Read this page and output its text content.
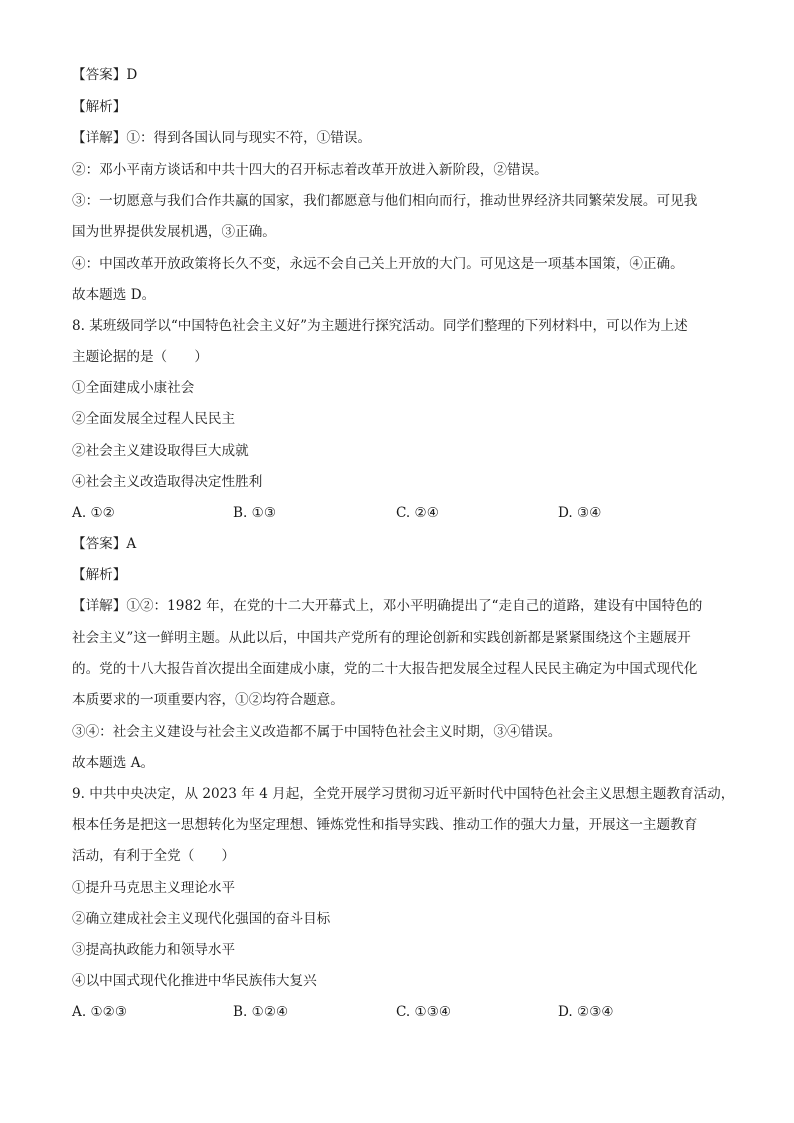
【答案】D
【解析】
【详解】①：得到各国认同与现实不符，①错误。
②：邓小平南方谈话和中共十四大的召开标志着改革开放进入新阶段，②错误。
③：一切愿意与我们合作共赢的国家，我们都愿意与他们相向而行，推动世界经济共同繁荣发展。可见我
国为世界提供发展机遇，③正确。
④：中国改革开放政策将长久不变，永远不会自己关上开放的大门。可见这是一项基本国策，④正确。
故本题选 D。
8. 某班级同学以“中国特色社会主义好”为主题进行探究活动。同学们整理的下列材料中，可以作为上述
主题论据的是（　　）
①全面建成小康社会
②全面发展全过程人民民主
②社会主义建设取得巨大成就
④社会主义改造取得决定性胜利
A. ①②	B. ①③	C. ②④	D. ③④
【答案】A
【解析】
【详解】①②：1982 年，在党的十二大开幕式上，邓小平明确提出了“走自己的道路，建设有中国特色的
社会主义”这一鲜明主题。从此以后，中国共产党所有的理论创新和实践创新都是紧紧围绕这个主题展开
的。党的十八大报告首次提出全面建成小康，党的二十大报告把发展全过程人民民主确定为中国式现代化
本质要求的一项重要内容，①②均符合题意。
③④：社会主义建设与社会主义改造都不属于中国特色社会主义时期，③④错误。
故本题选 A。
9. 中共中央决定，从 2023 年 4 月起，全党开展学习贯彻习近平新时代中国特色社会主义思想主题教育活动，
根本任务是把这一思想转化为坚定理想、锤炼党性和指导实践、推动工作的强大力量，开展这一主题教育
活动，有利于全党（　　）
①提升马克思主义理论水平
②确立建成社会主义现代化强国的奋斗目标
③提高执政能力和领导水平
④以中国式现代化推进中华民族伟大复兴
A. ①②③	B. ①②④	C. ①③④	D. ②③④
